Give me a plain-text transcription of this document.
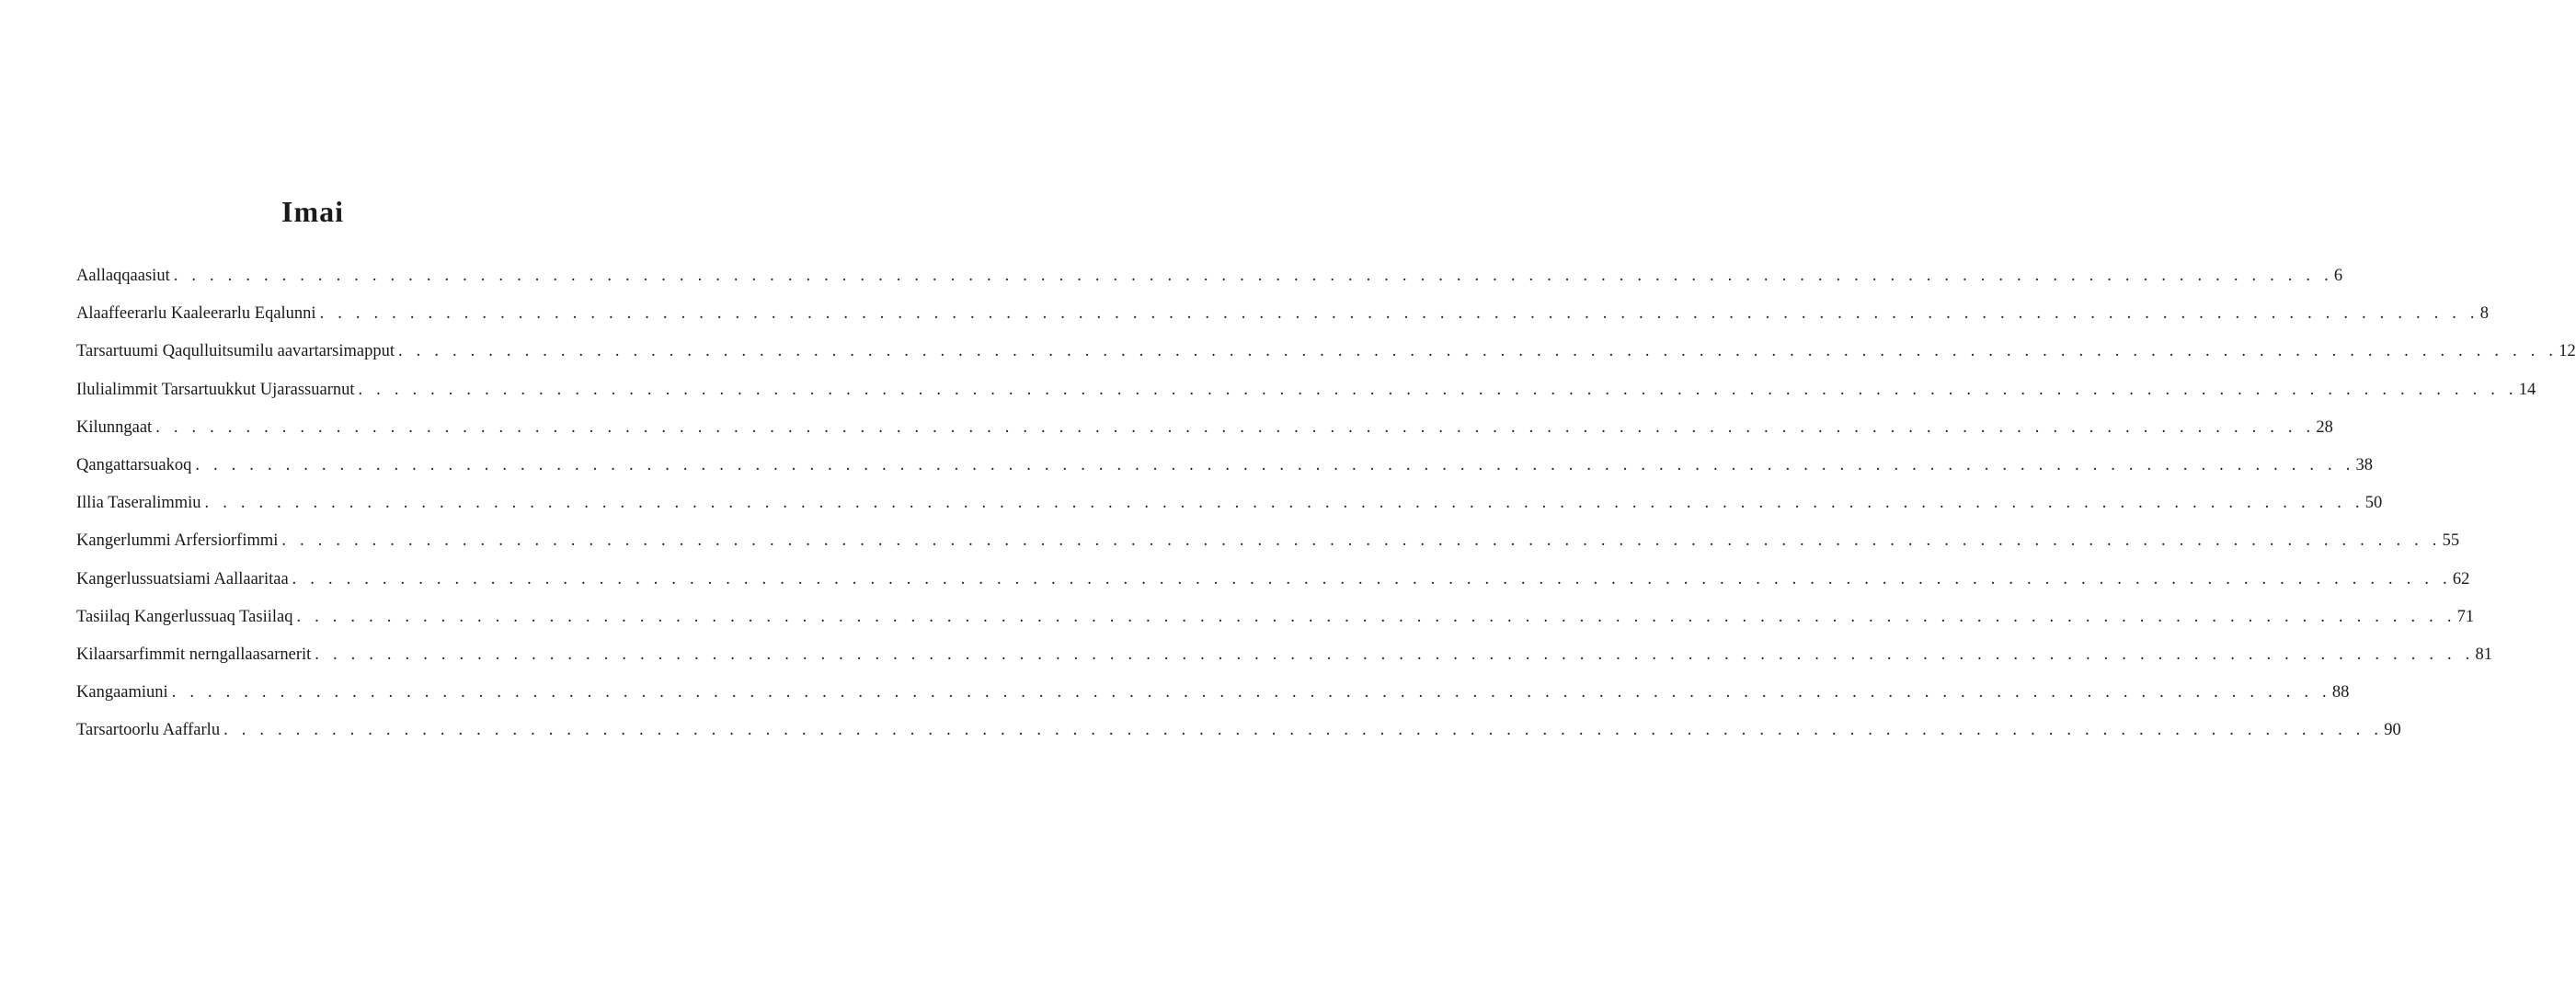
Imai
Aallaqqaasiut . . . . . . . . . . . . . . . . . . . . . . . . . . . . . . . . . . . . . . . . . . . . . . . . . . . . . . . . . . . . . . . . . . . . . . . . . . . . . . . . . . . . . . . . . . . . . . . . . . . . . . . . . . . . . . . . . . . . . . . . 6
Alaaffeerarlu Kaaleerarlu Eqalunni . . . . . . . . . . . . . . . . . . . . . . . . . . . . . . . . . . . . . . . . . . . . . . . . . . . . . . . . . . . . . . . . . . . . . . . . . . . . . . . . . . . . . . . . . . . . . . . . . . . . . . . . . . . . . . . . . . . . . . . . 8
Tarsartuumi Qaqulluitsumilu aavartarsimapput . . . . . . . . . . . . . . . . . . . . . . . . . . . . . . . . . . . . . . . . . . . . . . . . . . . . . . . . . . . . . . . . . . . . . . . . . . . . . . . . . . . . . . . . . . . . . . . . . . . . . . . . . . . . . . . . . . . . . . . . 12
Ilulialimmit Tarsartuukkut Ujarassuarnut . . . . . . . . . . . . . . . . . . . . . . . . . . . . . . . . . . . . . . . . . . . . . . . . . . . . . . . . . . . . . . . . . . . . . . . . . . . . . . . . . . . . . . . . . . . . . . . . . . . . . . . . . . . . . . . . . . . . . . . . 14
Kilunngaat . . . . . . . . . . . . . . . . . . . . . . . . . . . . . . . . . . . . . . . . . . . . . . . . . . . . . . . . . . . . . . . . . . . . . . . . . . . . . . . . . . . . . . . . . . . . . . . . . . . . . . . . . . . . . . . . . . . . . . . . 28
Qangattarsuakoq . . . . . . . . . . . . . . . . . . . . . . . . . . . . . . . . . . . . . . . . . . . . . . . . . . . . . . . . . . . . . . . . . . . . . . . . . . . . . . . . . . . . . . . . . . . . . . . . . . . . . . . . . . . . . . . . . . . . . . . . 38
Illia Taseralimmiu . . . . . . . . . . . . . . . . . . . . . . . . . . . . . . . . . . . . . . . . . . . . . . . . . . . . . . . . . . . . . . . . . . . . . . . . . . . . . . . . . . . . . . . . . . . . . . . . . . . . . . . . . . . . . . . . . . . . . . . . 50
Kangerlummi Arfersiorfimmi . . . . . . . . . . . . . . . . . . . . . . . . . . . . . . . . . . . . . . . . . . . . . . . . . . . . . . . . . . . . . . . . . . . . . . . . . . . . . . . . . . . . . . . . . . . . . . . . . . . . . . . . . . . . . . . . . . . . . . . . 55
Kangerlussuatsiami Aallaaritaa . . . . . . . . . . . . . . . . . . . . . . . . . . . . . . . . . . . . . . . . . . . . . . . . . . . . . . . . . . . . . . . . . . . . . . . . . . . . . . . . . . . . . . . . . . . . . . . . . . . . . . . . . . . . . . . . . . . . . . . . 62
Tasiilaq Kangerlussuaq Tasiilaq . . . . . . . . . . . . . . . . . . . . . . . . . . . . . . . . . . . . . . . . . . . . . . . . . . . . . . . . . . . . . . . . . . . . . . . . . . . . . . . . . . . . . . . . . . . . . . . . . . . . . . . . . . . . . . . . . . . . . . . . 71
Kilaarsarfimmit nerngallaasarnerit . . . . . . . . . . . . . . . . . . . . . . . . . . . . . . . . . . . . . . . . . . . . . . . . . . . . . . . . . . . . . . . . . . . . . . . . . . . . . . . . . . . . . . . . . . . . . . . . . . . . . . . . . . . . . . . . . . . . . . . . 81
Kangaamiuni . . . . . . . . . . . . . . . . . . . . . . . . . . . . . . . . . . . . . . . . . . . . . . . . . . . . . . . . . . . . . . . . . . . . . . . . . . . . . . . . . . . . . . . . . . . . . . . . . . . . . . . . . . . . . . . . . . . . . . . . 88
Tarsartoorlu Aaffarlu . . . . . . . . . . . . . . . . . . . . . . . . . . . . . . . . . . . . . . . . . . . . . . . . . . . . . . . . . . . . . . . . . . . . . . . . . . . . . . . . . . . . . . . . . . . . . . . . . . . . . . . . . . . . . . . . . . . . . . . . 90
